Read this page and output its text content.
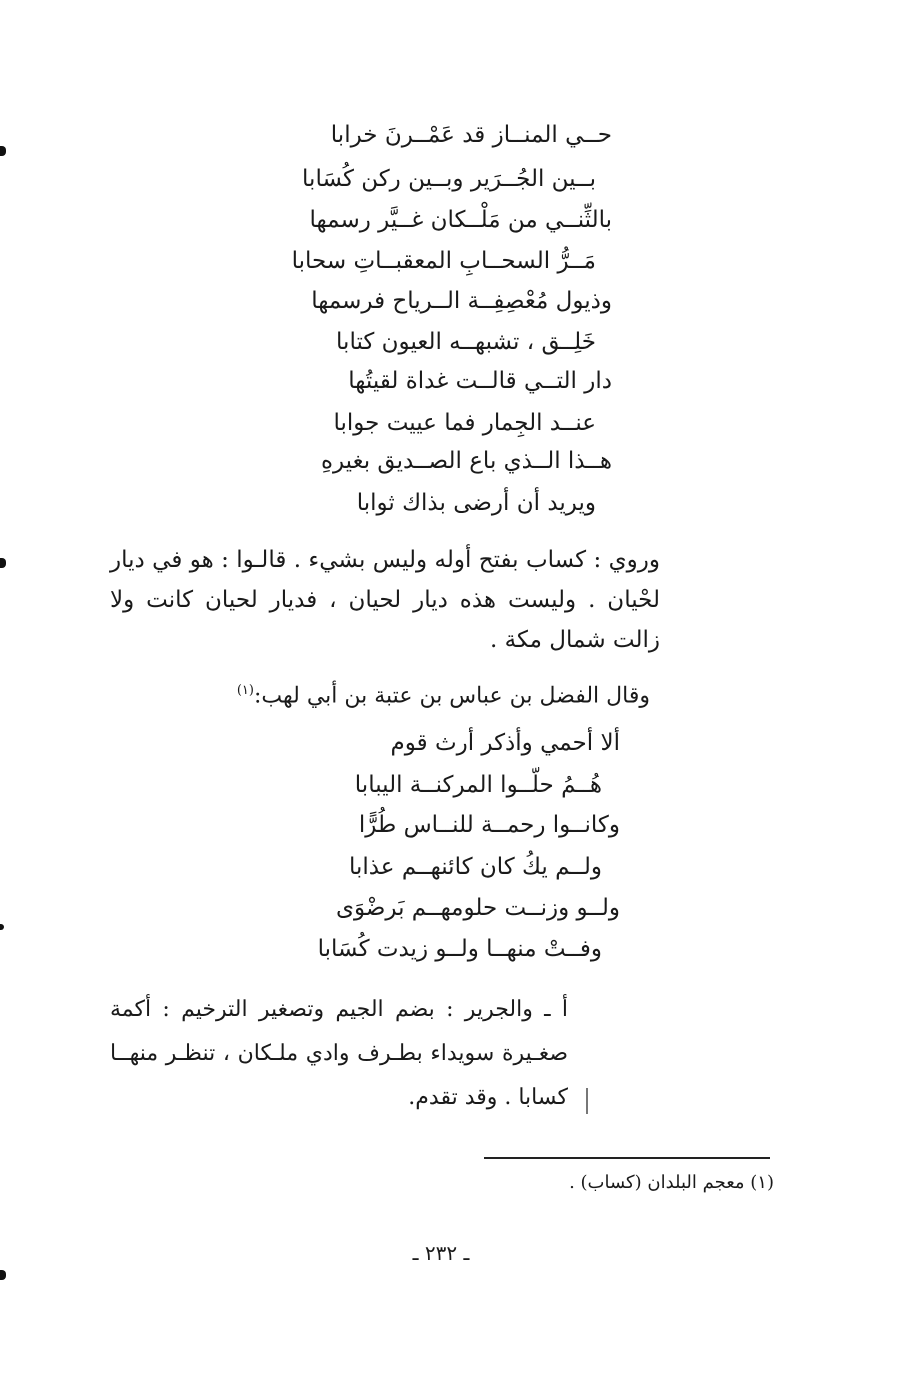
حــي المنــاز قد عَمْــرنَ خرابا
بــين الجُــرَير وبــين ركن كُسَابا
بالثِّنــي من مَلْــكان غــيَّر رسمها
مَــرُّ السحــابِ المعقبــاتِ سحابا
وذيول مُعْصِفِــة الــرياح فرسمها
خَلِــق ، تشبهــه العيون كتابا
دار التــي قالــت غداة لقيتُها
عنــد الجِمار فما عييت جوابا
هــذا الــذي باع الصــديق بغيرهِ
ويريد أن أرضى بذاك ثوابا
وروي : كساب بفتح أوله وليس بشيء . قالـوا : هو في ديار لحْيان . وليست هذه ديار لحيان ، فديار لحيان كانت ولا زالت شمال مكة .
وقال الفضل بن عباس بن عتبة بن أبي لهب:$^{(١)}$
ألا أحمي وأذكر أرث قوم
هُــمُ حلّــوا المركنــة اليبابا
وكانــوا رحمــة للنــاس طُرًّا
ولــم يكُ كان كائنهــم عذابا
ولــو وزنــت حلومهــم بَرضْوَى
وفــتْ منهــا ولــو زيدت كُسَابا
أ ـ والجرير : بضم الجيم وتصغير الترخيم : أكمة صغـيرة سويداء بطـرف وادي ملـكان ، تنظـر منهــا كسابا . وقد تقدم.
(١) معجم البلدان (كساب) .
ـ ٢٣٢ ـ
